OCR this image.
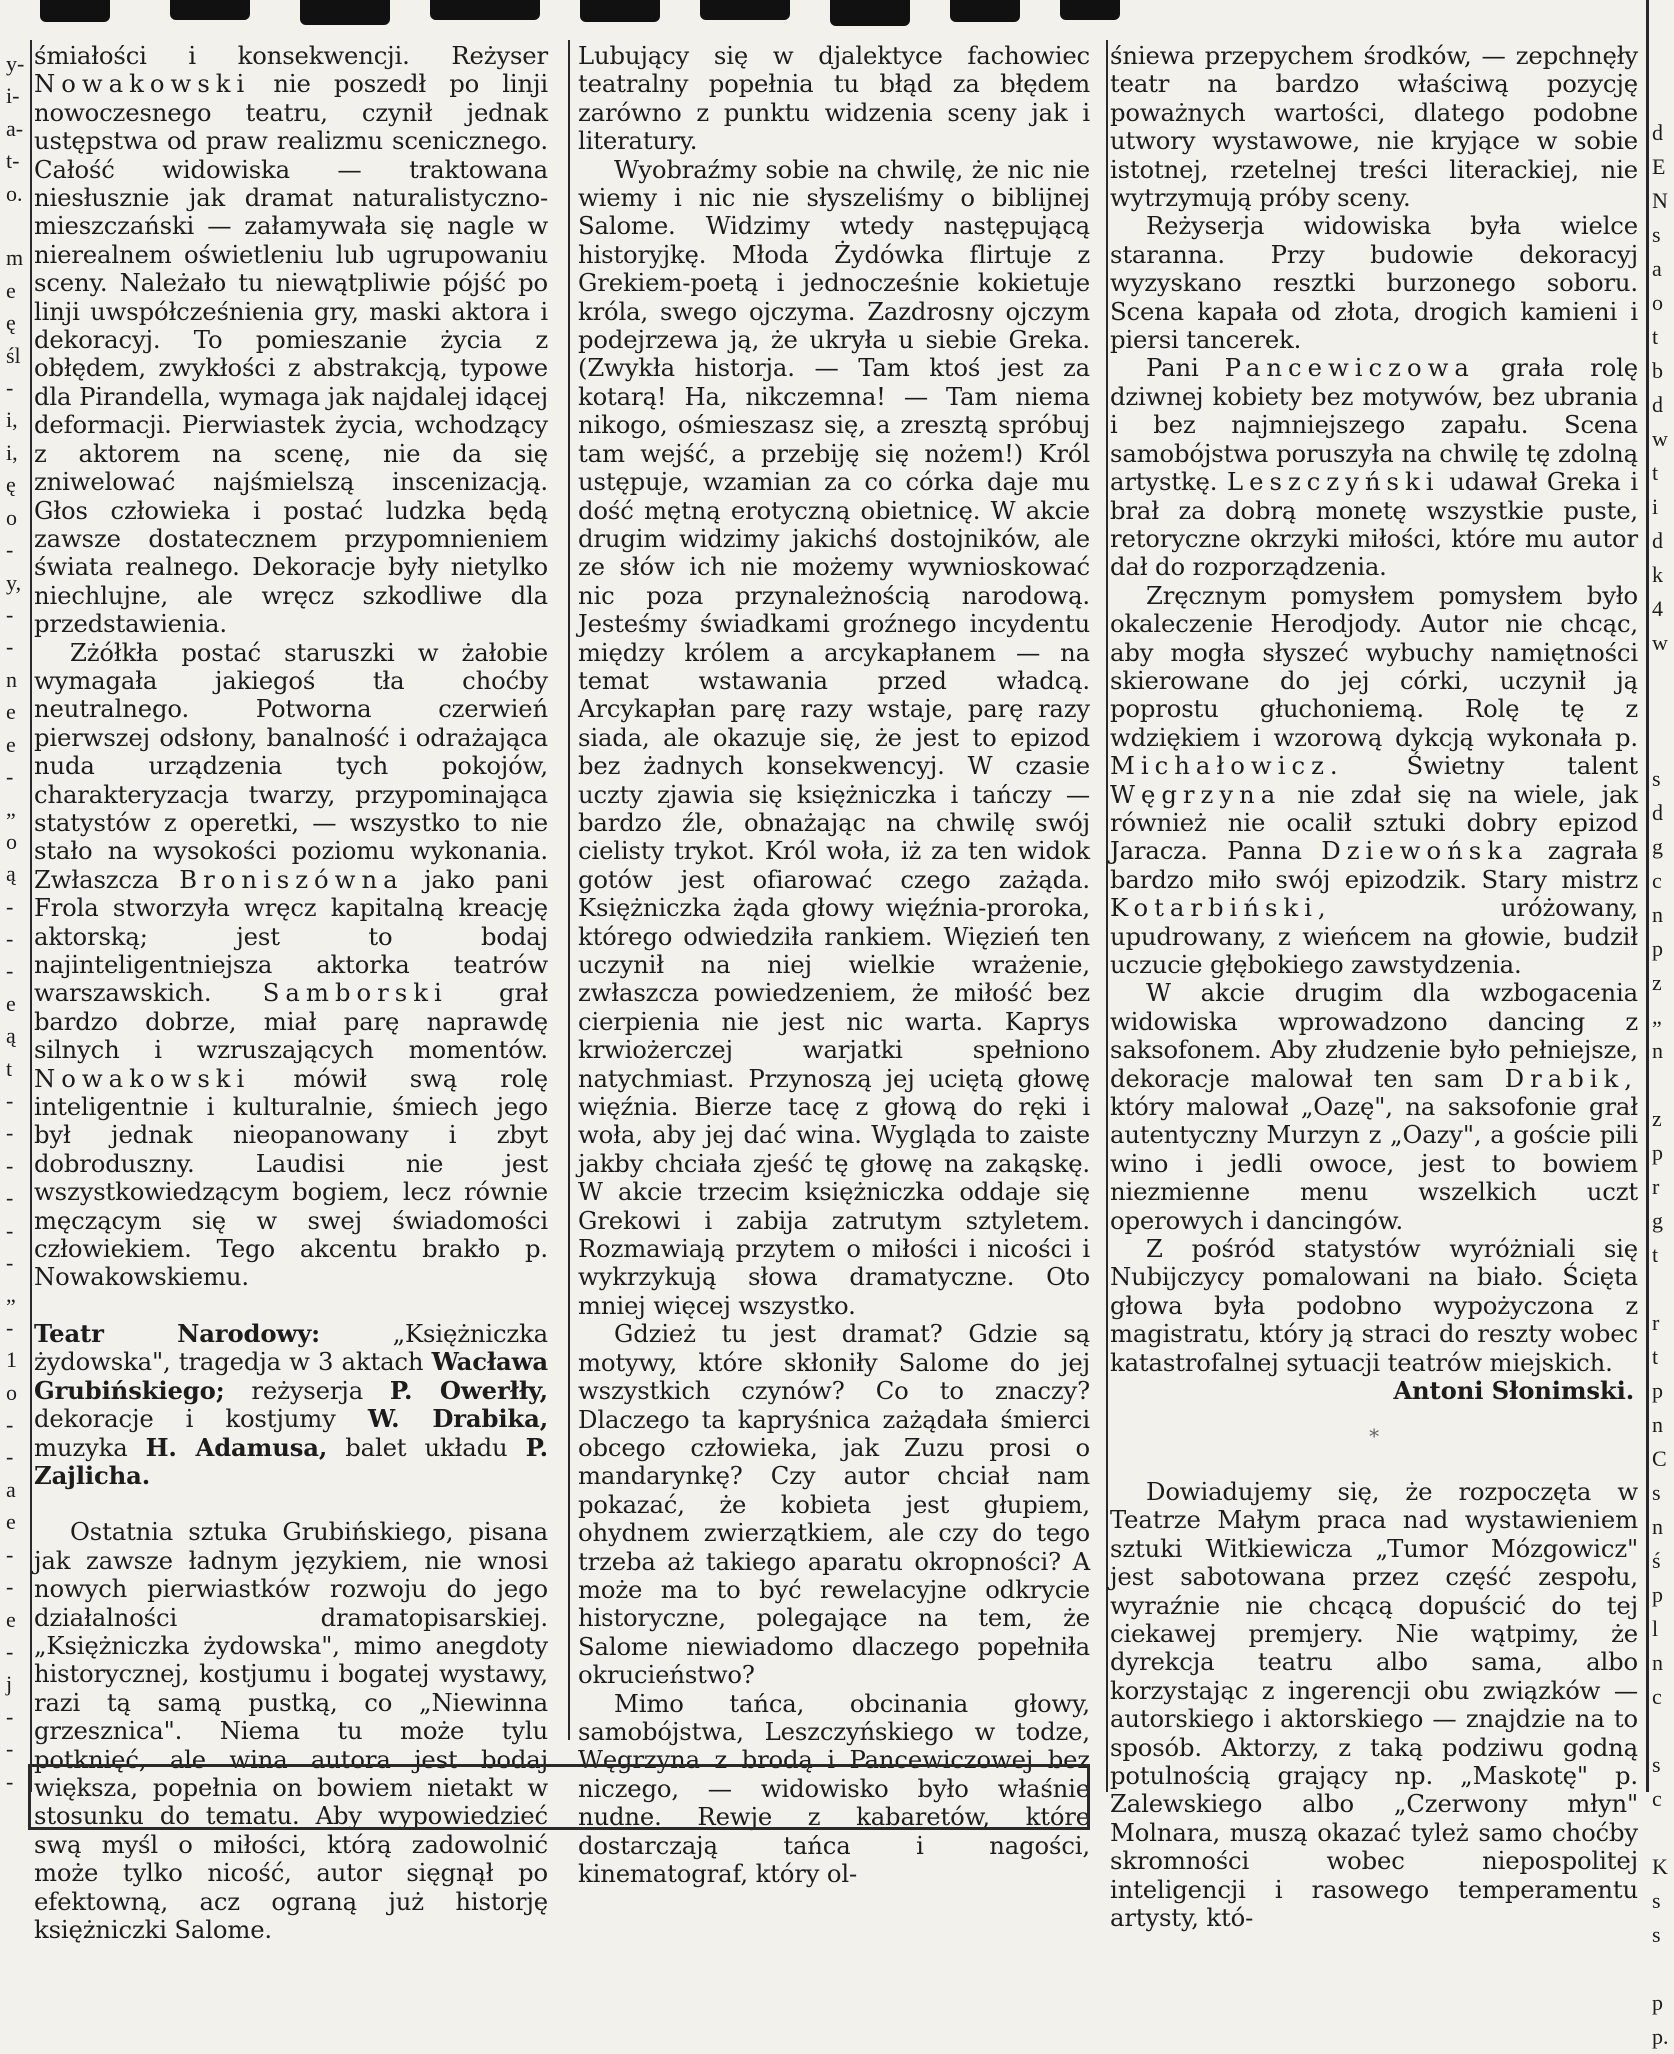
y-
i-
a-
t-
o.

m
e
ę
śl
-
i,
i,
ę
o
-
y,
-
-
n
e
e
-
„
o
ą
-
-
-
e
ą
t
-
-
-
-
-
-
„
-
1
o
-
-
a
e
-
-
e
-
j
-
-
-

d
E
N
s
a
o
t
b
d
w
t
i
d
k
4
w

s
d
g
c
n
p
z
„
n

z
p
r
g
t

r
t
p
n
C
s
n
ś
p
l
n
c

s
c

K
s
s

p
p.

śmiałości i konsekwencji. Reżyser Nowakowski nie poszedł po linji nowoczesnego teatru, czynił jednak ustępstwa od praw realizmu scenicznego. Całość widowiska — traktowana niesłusznie jak dramat naturalistyczno-mieszczański — załamywała się nagle w nierealnem oświetleniu lub ugrupowaniu sceny. Należało tu niewątpliwie pójść po linji uwspółcześnienia gry, maski aktora i dekoracyj. To pomieszanie życia z obłędem, zwykłości z abstrakcją, typowe dla Pirandella, wymaga jak najdalej idącej deformacji. Pierwiastek życia, wchodzący z aktorem na scenę, nie da się zniwelować najśmielszą inscenizacją. Głos człowieka i postać ludzka będą zawsze dostatecznem przypomnieniem świata realnego. Dekoracje były nietylko niechlujne, ale wręcz szkodliwe dla przedstawienia.

Zżółkła postać staruszki w żałobie wymagała jakiegoś tła choćby neutralnego. Potworna czerwień pierwszej odsłony, banalność i odrażająca nuda urządzenia tych pokojów, charakteryzacja twarzy, przypominająca statystów z operetki, — wszystko to nie stało na wysokości poziomu wykonania. Zwłaszcza Broniszówna jako pani Frola stworzyła wręcz kapitalną kreację aktorską; jest to bodaj najinteligentniejsza aktorka teatrów warszawskich. Samborski grał bardzo dobrze, miał parę naprawdę silnych i wzruszających momentów. Nowakowski mówił swą rolę inteligentnie i kulturalnie, śmiech jego był jednak nieopanowany i zbyt dobroduszny. Laudisi nie jest wszystkowiedzącym bogiem, lecz równie męczącym się w swej świadomości człowiekiem. Tego akcentu brakło p. Nowakowskiemu.

Teatr Narodowy: „Księżniczka żydowska", tragedja w 3 aktach Wacława Grubińskiego; reżyserja P. Owerłły, dekoracje i kostjumy W. Drabika, muzyka H. Adamusa, balet układu P. Zajlicha.

Ostatnia sztuka Grubińskiego, pisana jak zawsze ładnym językiem, nie wnosi nowych pierwiastków rozwoju do jego działalności dramatopisarskiej. „Księżniczka żydowska", mimo anegdoty historycznej, kostjumu i bogatej wystawy, razi tą samą pustką, co „Niewinna grzesznica". Niema tu może tylu potknięć, ale wina autora jest bodaj większa, popełnia on bowiem nietakt w stosunku do tematu. Aby wypowiedzieć swą myśl o miłości, którą zadowolnić może tylko nicość, autor sięgnął po efektowną, acz ograną już historję księżniczki Salome.

Lubujący się w djalektyce fachowiec teatralny popełnia tu błąd za błędem zarówno z punktu widzenia sceny jak i literatury.

Wyobraźmy sobie na chwilę, że nic nie wiemy i nic nie słyszeliśmy o biblijnej Salome. Widzimy wtedy następującą historyjkę. Młoda Żydówka flirtuje z Grekiem-poetą i jednocześnie kokietuje króla, swego ojczyma. Zazdrosny ojczym podejrzewa ją, że ukryła u siebie Greka. (Zwykła historja. — Tam ktoś jest za kotarą! Ha, nikczemna! — Tam niema nikogo, ośmieszasz się, a zresztą spróbuj tam wejść, a przebiję się nożem!) Król ustępuje, wzamian za co córka daje mu dość mętną erotyczną obietnicę. W akcie drugim widzimy jakichś dostojników, ale ze słów ich nie możemy wywnioskować nic poza przynależnością narodową. Jesteśmy świadkami groźnego incydentu między królem a arcykapłanem — na temat wstawania przed władcą. Arcykapłan parę razy wstaje, parę razy siada, ale okazuje się, że jest to epizod bez żadnych konsekwencyj. W czasie uczty zjawia się księżniczka i tańczy — bardzo źle, obnażając na chwilę swój cielisty trykot. Król woła, iż za ten widok gotów jest ofiarować czego zażąda. Księżniczka żąda głowy więźnia-proroka, którego odwiedziła rankiem. Więzień ten uczynił na niej wielkie wrażenie, zwłaszcza powiedzeniem, że miłość bez cierpienia nie jest nic warta. Kaprys krwiożerczej warjatki spełniono natychmiast. Przynoszą jej uciętą głowę więźnia. Bierze tacę z głową do ręki i woła, aby jej dać wina. Wygląda to zaiste jakby chciała zjeść tę głowę na zakąskę. W akcie trzecim księżniczka oddaje się Grekowi i zabija zatrutym sztyletem. Rozmawiają przytem o miłości i nicości i wykrzykują słowa dramatyczne. Oto mniej więcej wszystko.

Gdzież tu jest dramat? Gdzie są motywy, które skłoniły Salome do jej wszystkich czynów? Co to znaczy? Dlaczego ta kapryśnica zażądała śmierci obcego człowieka, jak Zuzu prosi o mandarynkę? Czy autor chciał nam pokazać, że kobieta jest głupiem, ohydnem zwierzątkiem, ale czy do tego trzeba aż takiego aparatu okropności? A może ma to być rewelacyjne odkrycie historyczne, polegające na tem, że Salome niewiadomo dlaczego popełniła okrucieństwo?

Mimo tańca, obcinania głowy, samobójstwa, Leszczyńskiego w todze, Węgrzyna z brodą i Pancewiczowej bez niczego, — widowisko było właśnie nudne. Rewje z kabaretów, które dostarczają tańca i nagości, kinematograf, który ol-

śniewa przepychem środków, — zepchnęły teatr na bardzo właściwą pozycję poważnych wartości, dlatego podobne utwory wystawowe, nie kryjące w sobie istotnej, rzetelnej treści literackiej, nie wytrzymują próby sceny.

Reżyserja widowiska była wielce staranna. Przy budowie dekoracyj wyzyskano resztki burzonego soboru. Scena kapała od złota, drogich kamieni i piersi tancerek.

Pani Pancewiczowa grała rolę dziwnej kobiety bez motywów, bez ubrania i bez najmniejszego zapału. Scena samobójstwa poruszyła na chwilę tę zdolną artystkę. Leszczyński udawał Greka i brał za dobrą monetę wszystkie puste, retoryczne okrzyki miłości, które mu autor dał do rozporządzenia.

Zręcznym pomysłem pomysłem było okaleczenie Herodjody. Autor nie chcąc, aby mogła słyszeć wybuchy namiętności skierowane do jej córki, uczynił ją poprostu głuchoniemą. Rolę tę z wdziękiem i wzorową dykcją wykonała p. Michałowicz. Świetny talent Węgrzyna nie zdał się na wiele, jak również nie ocalił sztuki dobry epizod Jaracza. Panna Dziewońska zagrała bardzo miło swój epizodzik. Stary mistrz Kotarbiński, uróżowany, upudrowany, z wieńcem na głowie, budził uczucie głębokiego zawstydzenia.

W akcie drugim dla wzbogacenia widowiska wprowadzono dancing z saksofonem. Aby złudzenie było pełniejsze, dekoracje malował ten sam Drabik, który malował „Oazę", na saksofonie grał autentyczny Murzyn z „Oazy", a goście pili wino i jedli owoce, jest to bowiem niezmienne menu wszelkich uczt operowych i dancingów.

Z pośród statystów wyróżniali się Nubijczycy pomalowani na biało. Ścięta głowa była podobno wypożyczona z magistratu, który ją straci do reszty wobec katastrofalnej sytuacji teatrów miejskich.

Antoni Słonimski.

*

Dowiadujemy się, że rozpoczęta w Teatrze Małym praca nad wystawieniem sztuki Witkiewicza „Tumor Mózgowicz" jest sabotowana przez część zespołu, wyraźnie nie chcącą dopuścić do tej ciekawej premjery. Nie wątpimy, że dyrekcja teatru albo sama, albo korzystając z ingerencji obu związków — autorskiego i aktorskiego — znajdzie na to sposób. Aktorzy, z taką podziwu godną potulnością grający np. „Maskotę" p. Zalewskiego albo „Czerwony młyn" Molnara, muszą okazać tyleż samo choćby skromności wobec niepospolitej inteligencji i rasowego temperamentu artysty, któ-
